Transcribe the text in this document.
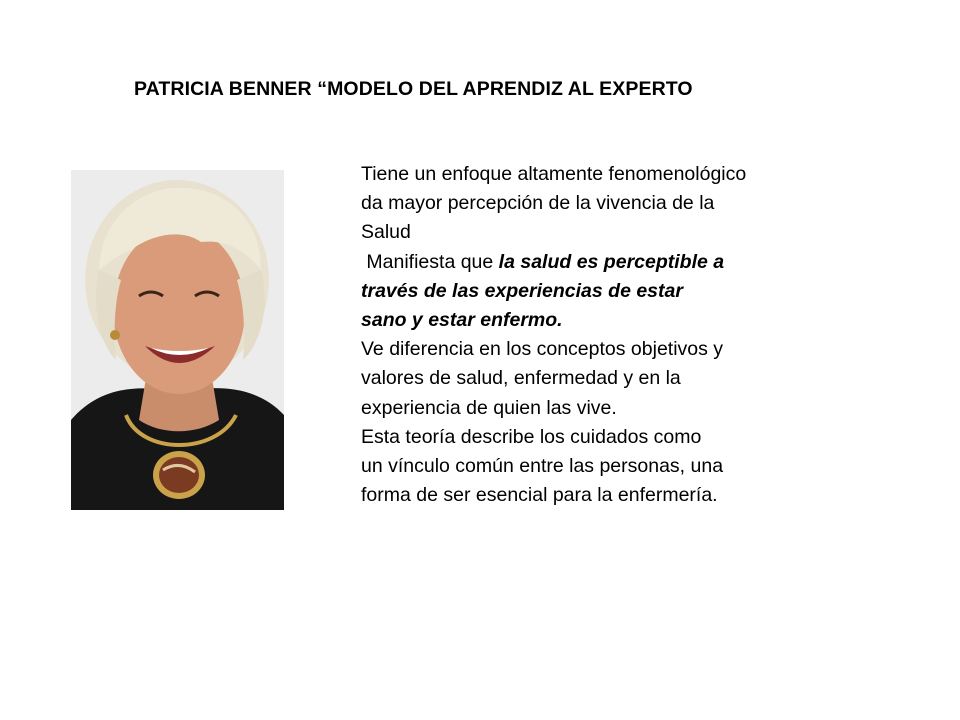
PATRICIA BENNER “MODELO DEL APRENDIZ AL EXPERTO
Tiene un enfoque altamente fenomenológico
da mayor percepción de la vivencia de la
Salud
Manifiesta que la salud es perceptible a
través de las experiencias de estar
sano y estar enfermo.
Ve diferencia en los conceptos objetivos y
valores de salud, enfermedad y en la
experiencia de quien las vive.
Esta teoría describe los cuidados como
un vínculo común entre las personas, una
forma de ser esencial para la enfermería.
